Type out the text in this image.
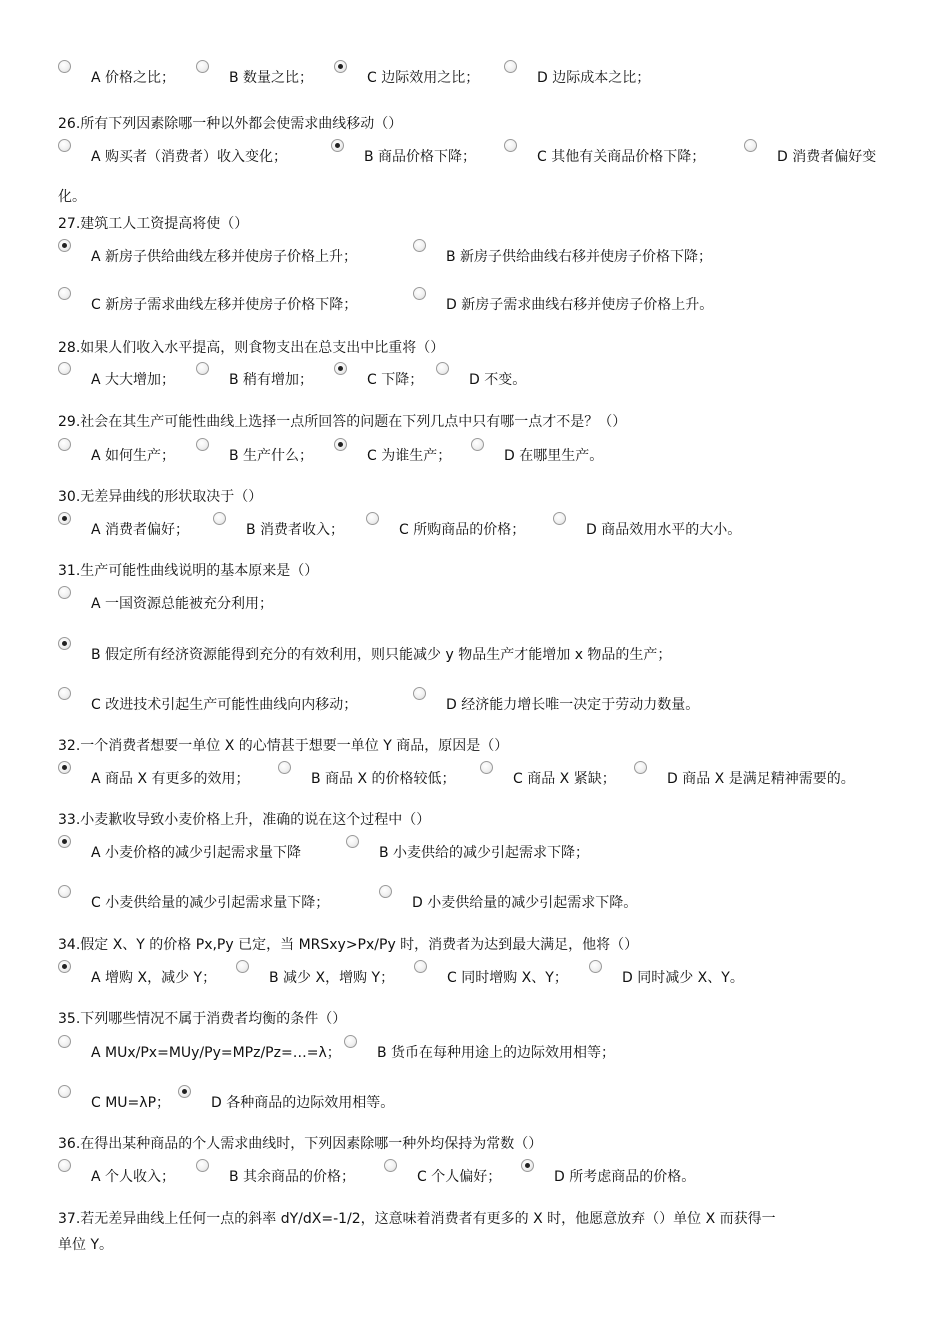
A 价格之比；	B 数量之比；	C 边际效用之比；	D 边际成本之比；
26.所有下列因素除哪一种以外都会使需求曲线移动（）
A 购买者（消费者）收入变化；	B 商品价格下降；	C 其他有关商品价格下降；	D 消费者偏好变
化。
27.建筑工人工资提高将使（）
A 新房子供给曲线左移并使房子价格上升；	B 新房子供给曲线右移并使房子价格下降；
C 新房子需求曲线左移并使房子价格下降；	D 新房子需求曲线右移并使房子价格上升。
28.如果人们收入水平提高，则食物支出在总支出中比重将（）
A 大大增加；	B 稍有增加；	C 下降；	D 不变。
29.社会在其生产可能性曲线上选择一点所回答的问题在下列几点中只有哪一点才不是？（）
A 如何生产；	B 生产什么；	C 为谁生产；	D 在哪里生产。
30.无差异曲线的形状取决于（）
A 消费者偏好；	B 消费者收入；	C 所购商品的价格；	D 商品效用水平的大小。
31.生产可能性曲线说明的基本原来是（）
A 一国资源总能被充分利用；
B 假定所有经济资源能得到充分的有效利用，则只能减少 y 物品生产才能增加 x 物品的生产；
C 改进技术引起生产可能性曲线向内移动；	D 经济能力增长唯一决定于劳动力数量。
32.一个消费者想要一单位 X 的心情甚于想要一单位 Y 商品，原因是（）
A 商品 X 有更多的效用；	B 商品 X 的价格较低；	C 商品 X 紧缺；	D 商品 X 是满足精神需要的。
33.小麦歉收导致小麦价格上升，准确的说在这个过程中（）
A 小麦价格的减少引起需求量下降	B 小麦供给的减少引起需求下降；
C 小麦供给量的减少引起需求量下降；	D 小麦供给量的减少引起需求下降。
34.假定 X、Y 的价格 Px,Py 已定，当 MRSxy>Px/Py 时，消费者为达到最大满足，他将（）
A 增购 X，减少 Y；	B 减少 X，增购 Y；	C 同时增购 X、Y；	D 同时减少 X、Y。
35.下列哪些情况不属于消费者均衡的条件（）
A MUx/Px=MUy/Py=MPz/Pz=…=λ；	B 货币在每种用途上的边际效用相等；
C MU=λP；	D 各种商品的边际效用相等。
36.在得出某种商品的个人需求曲线时，下列因素除哪一种外均保持为常数（）
A 个人收入；	B 其余商品的价格；	C 个人偏好；	D 所考虑商品的价格。
37.若无差异曲线上任何一点的斜率 dY/dX=-1/2，这意味着消费者有更多的 X 时，他愿意放弃（）单位 X 而获得一
单位 Y。
